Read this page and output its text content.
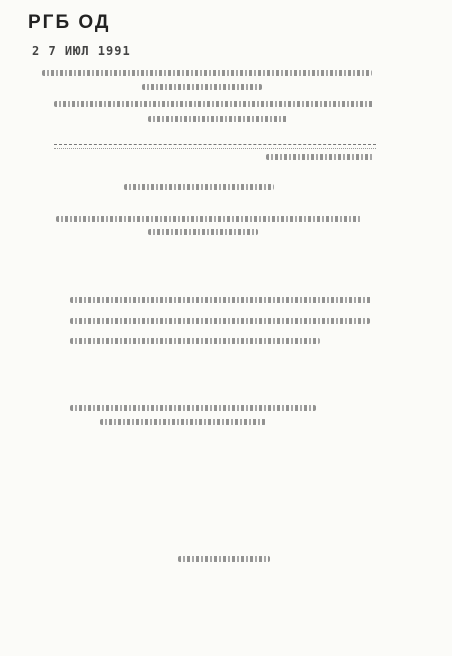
РГБ ОД
2 7 ИЮЛ 1991
